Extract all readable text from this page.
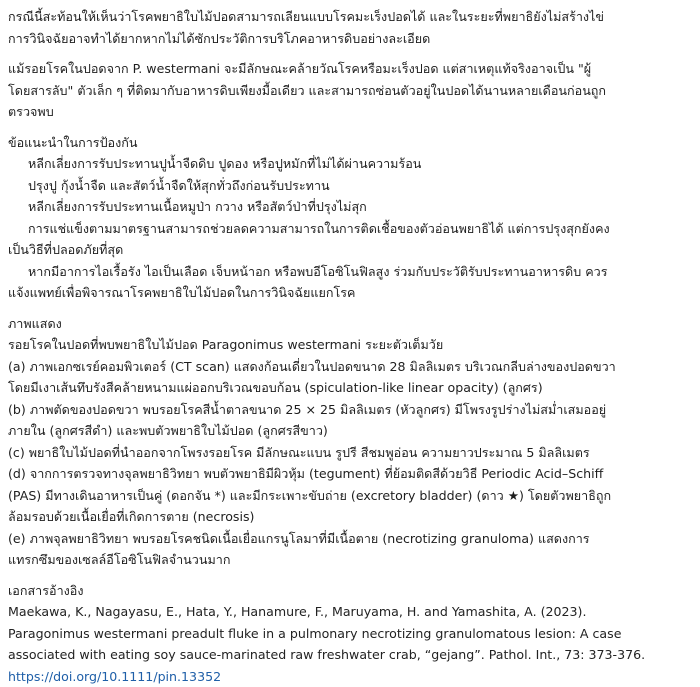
กรณีนี้สะท้อนให้เห็นว่าโรคพยาธิใบไม้ปอดสามารถเลียนแบบโรคมะเร็งปอดได้ และในระยะที่พยาธิยังไม่สร้างไข่
การวินิจฉัยอาจทำได้ยากหากไม่ได้ซักประวัติการบริโภคอาหารดิบอย่างละเอียด
แม้รอยโรคในปอดจาก P. westermani จะมีลักษณะคล้ายวัณโรคหรือมะเร็งปอด แต่สาเหตุแท้จริงอาจเป็น "ผู้
โดยสารลับ" ตัวเล็ก ๆ ที่ติดมากับอาหารดิบเพียงมื้อเดียว และสามารถซ่อนตัวอยู่ในปอดได้นานหลายเดือนก่อนถูก
ตรวจพบ
ข้อแนะนำในการป้องกัน
หลีกเลี่ยงการรับประทานปูน้ำจืดดิบ ปูดอง หรือปูหมักที่ไม่ได้ผ่านความร้อน
ปรุงปู กุ้งน้ำจืด และสัตว์น้ำจืดให้สุกทั่วถึงก่อนรับประทาน
หลีกเลี่ยงการรับประทานเนื้อหมูป่า กวาง หรือสัตว์ป่าที่ปรุงไม่สุก
การแช่แข็งตามมาตรฐานสามารถช่วยลดความสามารถในการติดเชื้อของตัวอ่อนพยาธิได้ แต่การปรุงสุกยังคง
เป็นวิธีที่ปลอดภัยที่สุด
หากมีอาการไอเรื้อรัง ไอเป็นเลือด เจ็บหน้าอก หรือพบอีโอซิโนฟิลสูง ร่วมกับประวัติรับประทานอาหารดิบ ควร
แจ้งแพทย์เพื่อพิจารณาโรคพยาธิใบไม้ปอดในการวินิจฉัยแยกโรค
ภาพแสดง
รอยโรคในปอดที่พบพยาธิใบไม้ปอด Paragonimus westermani ระยะตัวเต็มวัย
(a) ภาพเอกซเรย์คอมพิวเตอร์ (CT scan) แสดงก้อนเดี่ยวในปอดขนาด 28 มิลลิเมตร บริเวณกลีบล่างของปอดขวา
โดยมีเงาเส้นทึบรังสีคล้ายหนามแผ่ออกบริเวณขอบก้อน (spiculation-like linear opacity) (ลูกศร)
(b) ภาพตัดของปอดขวา พบรอยโรคสีน้ำตาลขนาด 25 × 25 มิลลิเมตร (หัวลูกศร) มีโพรงรูปร่างไม่สม่ำเสมออยู่
ภายใน (ลูกศรสีดำ) และพบตัวพยาธิใบไม้ปอด (ลูกศรสีขาว)
(c) พยาธิใบไม้ปอดที่นำออกจากโพรงรอยโรค มีลักษณะแบน รูปรี สีชมพูอ่อน ความยาวประมาณ 5 มิลลิเมตร
(d) จากการตรวจทางจุลพยาธิวิทยา พบตัวพยาธิมีผิวหุ้ม (tegument) ที่ย้อมติดสีด้วยวิธี Periodic Acid–Schiff
(PAS) มีทางเดินอาหารเป็นคู่ (ดอกจัน *) และมีกระเพาะขับถ่าย (excretory bladder) (ดาว ★) โดยตัวพยาธิถูก
ล้อมรอบด้วยเนื้อเยื่อที่เกิดการตาย (necrosis)
(e) ภาพจุลพยาธิวิทยา พบรอยโรคชนิดเนื้อเยื่อแกรนูโลมาที่มีเนื้อตาย (necrotizing granuloma) แสดงการ
แทรกซึมของเซลล์อีโอซิโนฟิลจำนวนมาก
เอกสารอ้างอิง
Maekawa, K., Nagayasu, E., Hata, Y., Hanamure, F., Maruyama, H. and Yamashita, A. (2023).
Paragonimus westermani preadult fluke in a pulmonary necrotizing granulomatous lesion: A case
associated with eating soy sauce-marinated raw freshwater crab, “gejang”. Pathol. Int., 73: 373-376.
https://doi.org/10.1111/pin.13352
